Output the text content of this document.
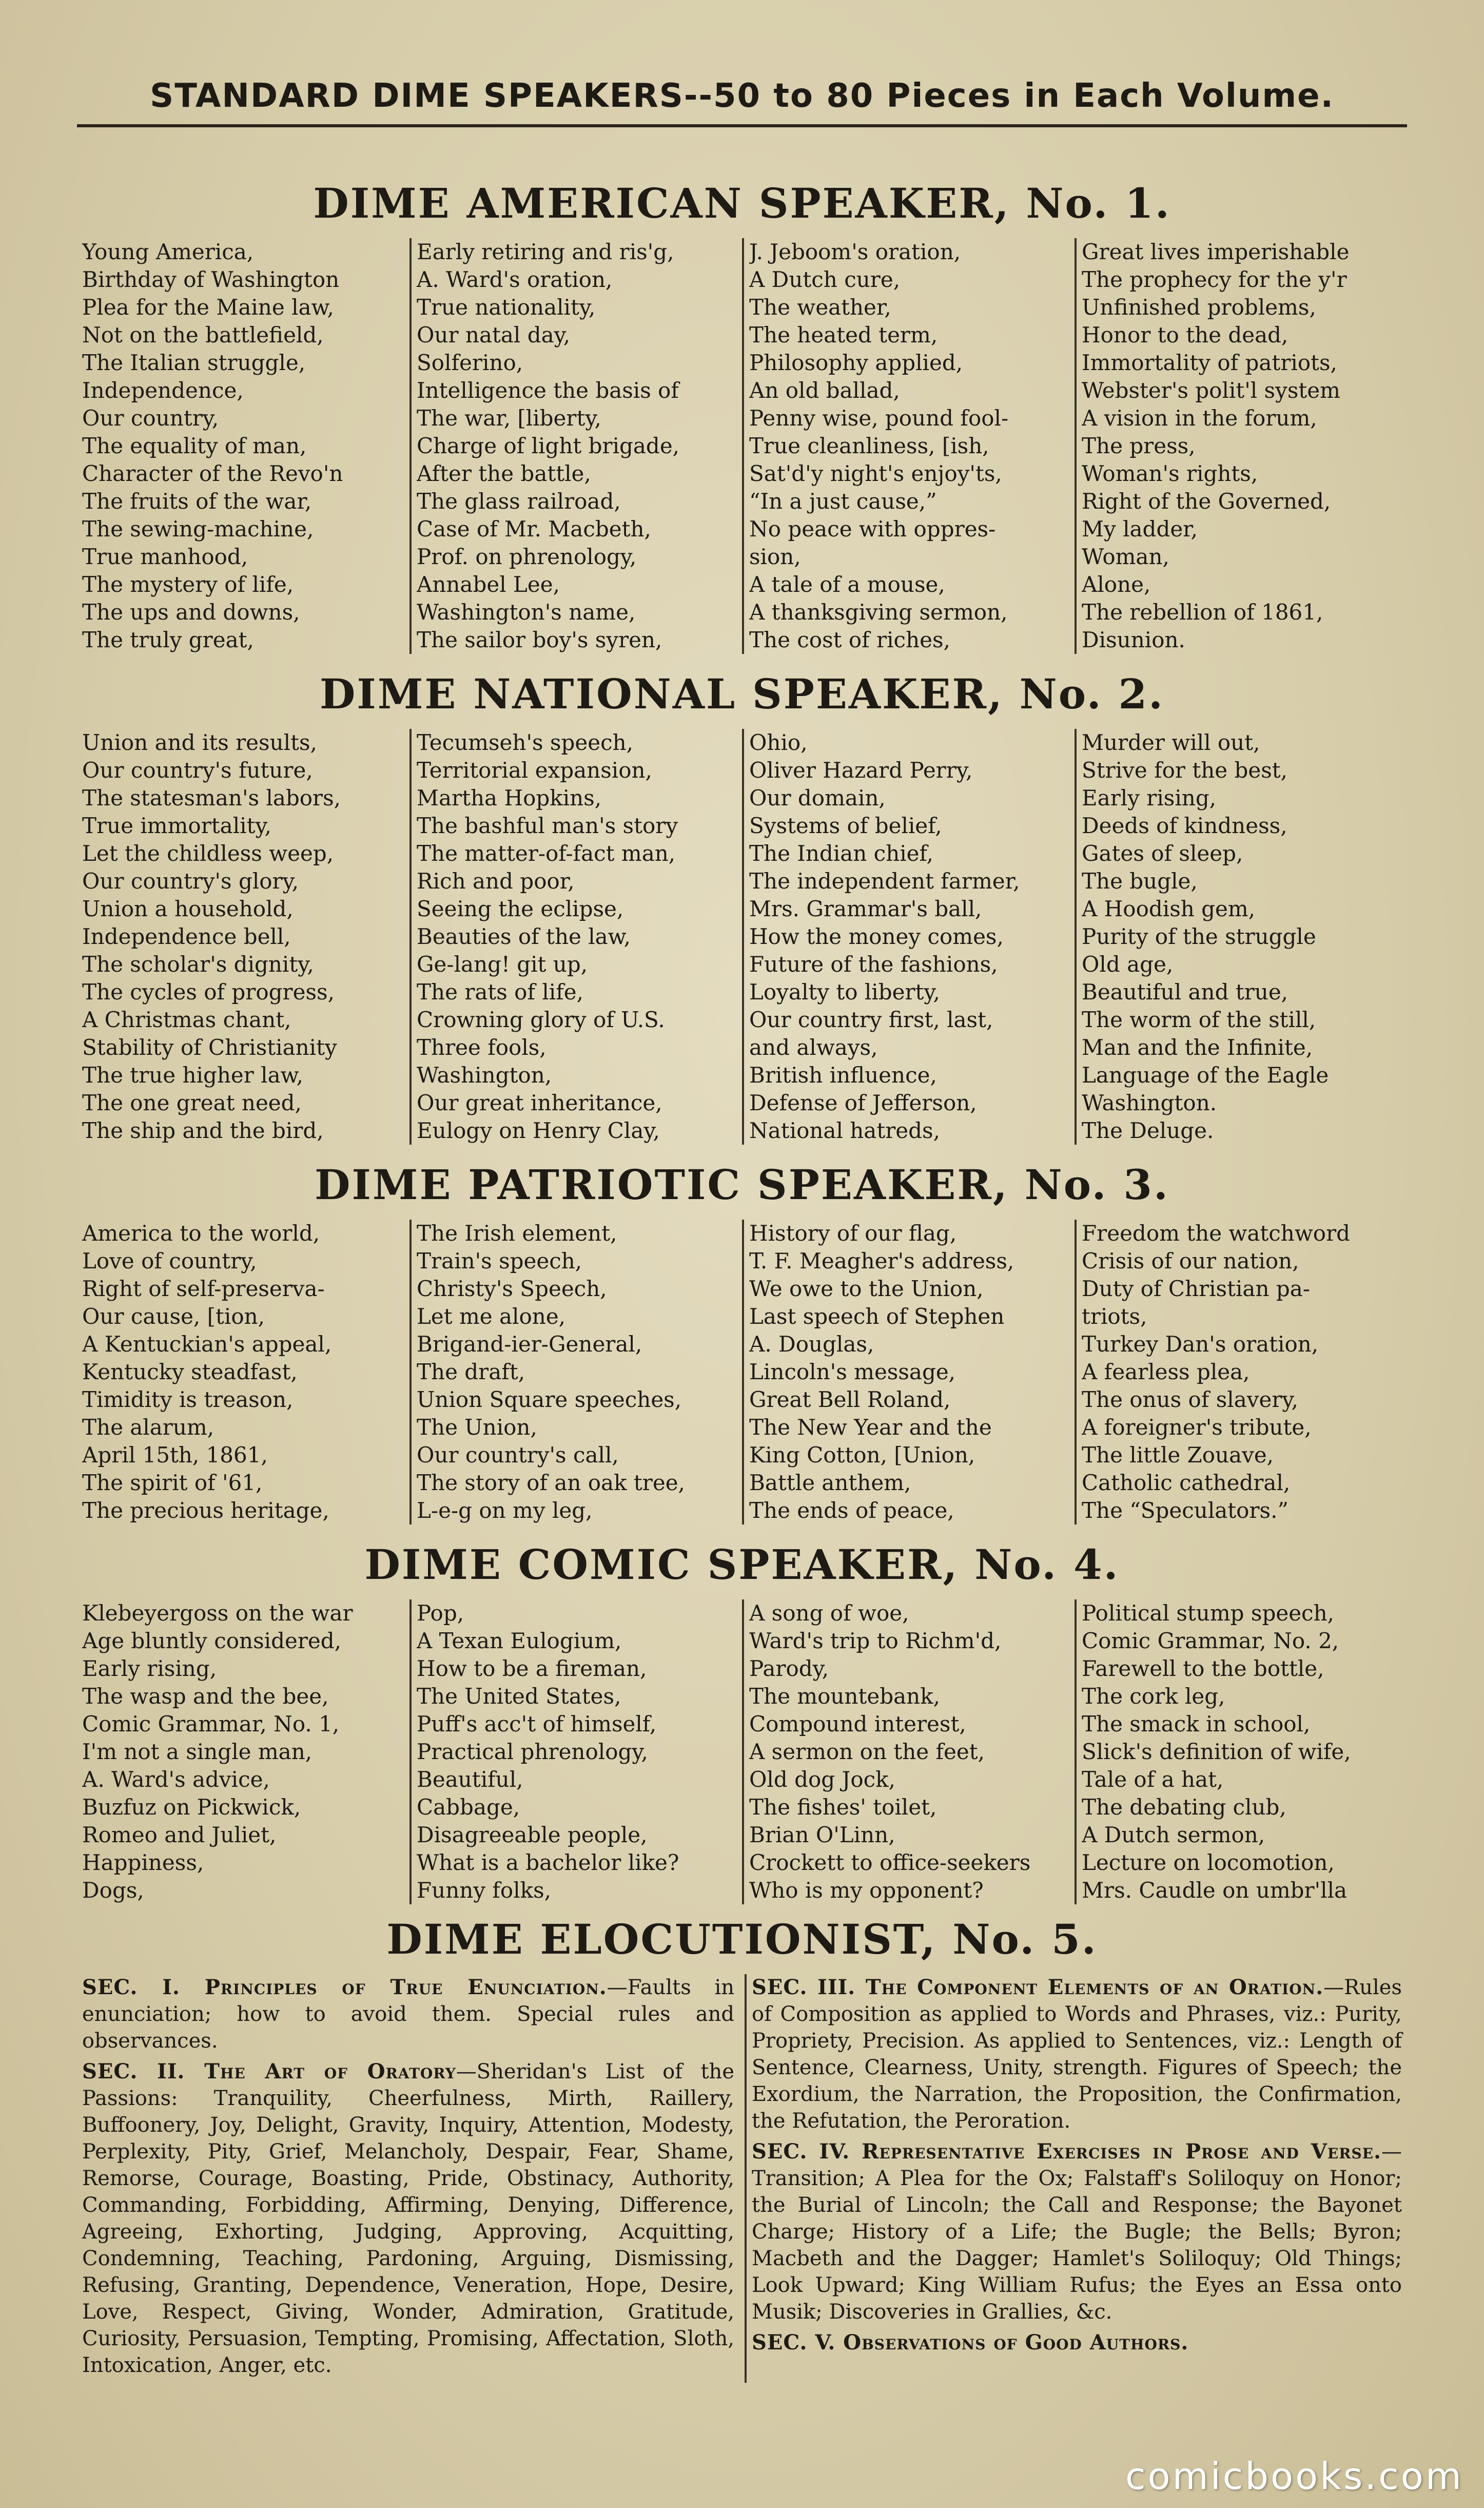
STANDARD DIME SPEAKERS--50 to 80 Pieces in Each Volume.
DIME AMERICAN SPEAKER, No. 1.
Young America,
Birthday of Washington
Plea for the Maine law,
Not on the battlefield,
The Italian struggle,
Independence,
Our country,
The equality of man,
Character of the Revo'n
The fruits of the war,
The sewing-machine,
True manhood,
The mystery of life,
The ups and downs,
The truly great,
Early retiring and ris'g,
A. Ward's oration,
True nationality,
Our natal day,
Solferino,
Intelligence the basis of
The war, [liberty,
Charge of light brigade,
After the battle,
The glass railroad,
Case of Mr. Macbeth,
Prof. on phrenology,
Annabel Lee,
Washington's name,
The sailor boy's syren,
J. Jeboom's oration,
A Dutch cure,
The weather,
The heated term,
Philosophy applied,
An old ballad,
Penny wise, pound fool-
True cleanliness, [ish,
Sat'd'y night's enjoy'ts,
“In a just cause,”
No peace with oppres-
sion,
A tale of a mouse,
A thanksgiving sermon,
The cost of riches,
Great lives imperishable
The prophecy for the y'r
Unfinished problems,
Honor to the dead,
Immortality of patriots,
Webster's polit'l system
A vision in the forum,
The press,
Woman's rights,
Right of the Governed,
My ladder,
Woman,
Alone,
The rebellion of 1861,
Disunion.
DIME NATIONAL SPEAKER, No. 2.
Union and its results,
Our country's future,
The statesman's labors,
True immortality,
Let the childless weep,
Our country's glory,
Union a household,
Independence bell,
The scholar's dignity,
The cycles of progress,
A Christmas chant,
Stability of Christianity
The true higher law,
The one great need,
The ship and the bird,
Tecumseh's speech,
Territorial expansion,
Martha Hopkins,
The bashful man's story
The matter-of-fact man,
Rich and poor,
Seeing the eclipse,
Beauties of the law,
Ge-lang! git up,
The rats of life,
Crowning glory of U.S.
Three fools,
Washington,
Our great inheritance,
Eulogy on Henry Clay,
Ohio,
Oliver Hazard Perry,
Our domain,
Systems of belief,
The Indian chief,
The independent farmer,
Mrs. Grammar's ball,
How the money comes,
Future of the fashions,
Loyalty to liberty,
Our country first, last,
and always,
British influence,
Defense of Jefferson,
National hatreds,
Murder will out,
Strive for the best,
Early rising,
Deeds of kindness,
Gates of sleep,
The bugle,
A Hoodish gem,
Purity of the struggle
Old age,
Beautiful and true,
The worm of the still,
Man and the Infinite,
Language of the Eagle
Washington.
The Deluge.
DIME PATRIOTIC SPEAKER, No. 3.
America to the world,
Love of country,
Right of self-preserva-
Our cause, [tion,
A Kentuckian's appeal,
Kentucky steadfast,
Timidity is treason,
The alarum,
April 15th, 1861,
The spirit of '61,
The precious heritage,
The Irish element,
Train's speech,
Christy's Speech,
Let me alone,
Brigand-ier-General,
The draft,
Union Square speeches,
The Union,
Our country's call,
The story of an oak tree,
L-e-g on my leg,
History of our flag,
T. F. Meagher's address,
We owe to the Union,
Last speech of Stephen
A. Douglas,
Lincoln's message,
Great Bell Roland,
The New Year and the
King Cotton, [Union,
Battle anthem,
The ends of peace,
Freedom the watchword
Crisis of our nation,
Duty of Christian pa-
triots,
Turkey Dan's oration,
A fearless plea,
The onus of slavery,
A foreigner's tribute,
The little Zouave,
Catholic cathedral,
The “Speculators.”
DIME COMIC SPEAKER, No. 4.
Klebeyergoss on the war
Age bluntly considered,
Early rising,
The wasp and the bee,
Comic Grammar, No. 1,
I'm not a single man,
A. Ward's advice,
Buzfuz on Pickwick,
Romeo and Juliet,
Happiness,
Dogs,
Pop,
A Texan Eulogium,
How to be a fireman,
The United States,
Puff's acc't of himself,
Practical phrenology,
Beautiful,
Cabbage,
Disagreeable people,
What is a bachelor like?
Funny folks,
A song of woe,
Ward's trip to Richm'd,
Parody,
The mountebank,
Compound interest,
A sermon on the feet,
Old dog Jock,
The fishes' toilet,
Brian O'Linn,
Crockett to office-seekers
Who is my opponent?
Political stump speech,
Comic Grammar, No. 2,
Farewell to the bottle,
The cork leg,
The smack in school,
Slick's definition of wife,
Tale of a hat,
The debating club,
A Dutch sermon,
Lecture on locomotion,
Mrs. Caudle on umbr'lla
DIME ELOCUTIONIST, No. 5.

SEC. I. Principles of True Enunciation.—Faults in enunciation; how to avoid them. Special rules and observances.

SEC. II. The Art of Oratory—Sheridan's List of the Passions: Tranquility, Cheerfulness, Mirth, Raillery, Buffoonery, Joy, Delight, Gravity, Inquiry, Attention, Modesty, Perplexity, Pity, Grief, Melancholy, Despair, Fear, Shame, Remorse, Courage, Boasting, Pride, Obstinacy, Authority, Commanding, Forbidding, Affirming, Denying, Difference, Agreeing, Exhorting, Judging, Approving, Acquitting, Condemning, Teaching, Pardoning, Arguing, Dismissing, Refusing, Granting, Dependence, Veneration, Hope, Desire, Love, Respect, Giving, Wonder, Admiration, Gratitude, Curiosity, Persuasion, Tempting, Promising, Affectation, Sloth, Intoxication, Anger, etc.

SEC. III. The Component Elements of an Oration.—Rules of Composition as applied to Words and Phrases, viz.: Purity, Propriety, Precision. As applied to Sentences, viz.: Length of Sentence, Clearness, Unity, strength. Figures of Speech; the Exordium, the Narration, the Proposition, the Confirmation, the Refutation, the Peroration.

SEC. IV. Representative Exercises in Prose and Verse.—Transition; A Plea for the Ox; Falstaff's Soliloquy on Honor; the Burial of Lincoln; the Call and Response; the Bayonet Charge; History of a Life; the Bugle; the Bells; Byron; Macbeth and the Dagger; Hamlet's Soliloquy; Old Things; Look Upward; King William Rufus; the Eyes an Essa onto Musik; Discoveries in Grallies, &c.

SEC. V. Observations of Good Authors.

comicbooks.com
